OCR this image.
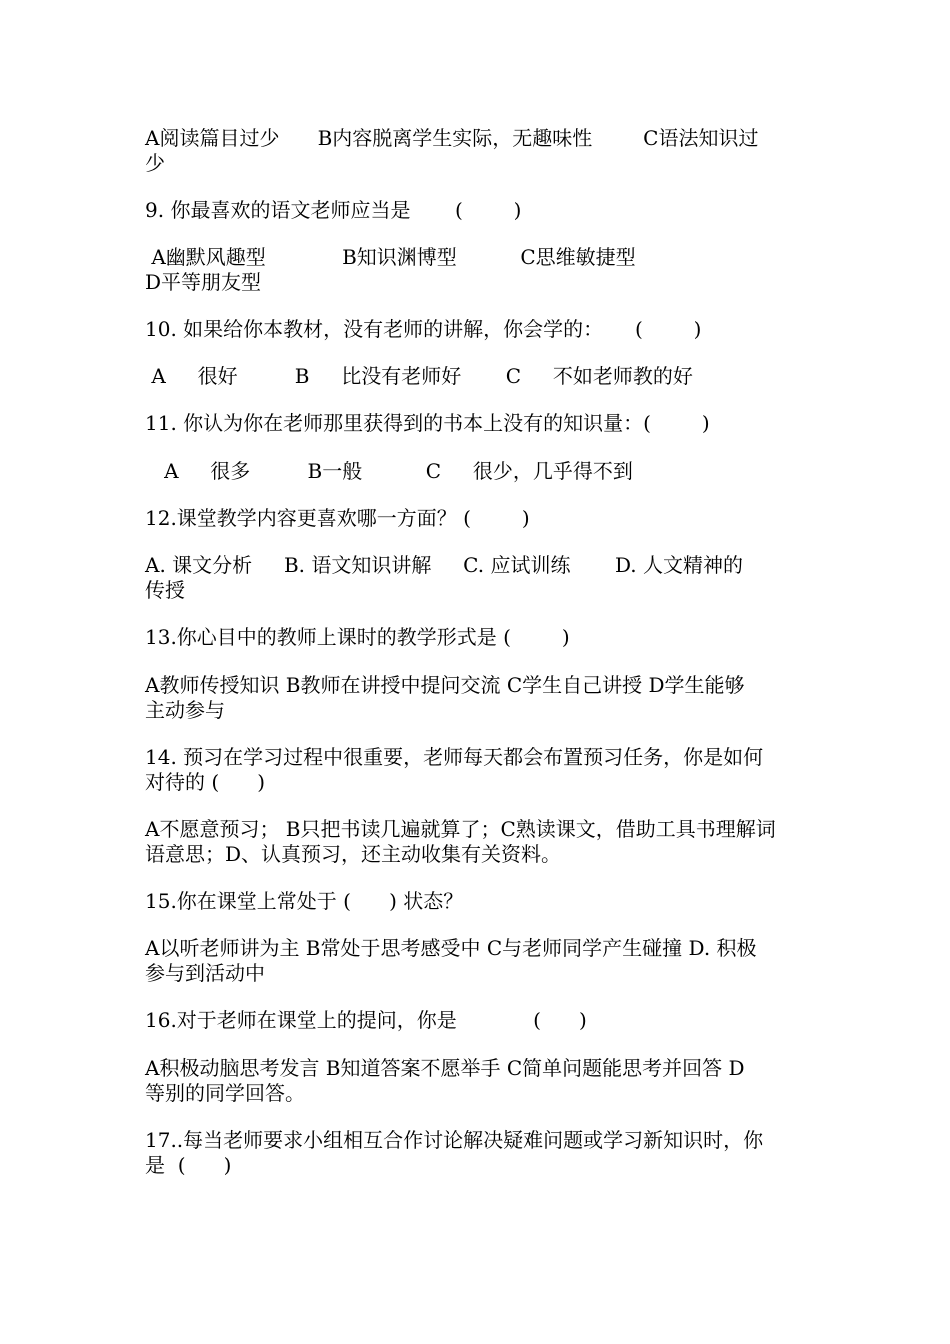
A阅读篇目过少      B内容脱离学生实际，无趣味性        C语法知识过
少
9. 你最喜欢的语文老师应当是       (        )
A幽默风趣型            B知识渊博型          C思维敏捷型
D平等朋友型
10. 如果给你本教材，没有老师的讲解，你会学的：     (        )
A     很好         B     比没有老师好       C     不如老师教的好
11. 你认为你在老师那里获得到的书本上没有的知识量：(        )
A     很多         B一般          C     很少，几乎得不到
12.课堂教学内容更喜欢哪一方面？ (        )
A. 课文分析     B. 语文知识讲解     C. 应试训练       D. 人文精神的
传授
13.你心目中的教师上课时的教学形式是 (        )
A教师传授知识 B教师在讲授中提问交流 C学生自己讲授 D学生能够
主动参与
14. 预习在学习过程中很重要，老师每天都会布置预习任务，你是如何
对待的 (      )
A不愿意预习； B只把书读几遍就算了；C熟读课文，借助工具书理解词
语意思；D、认真预习，还主动收集有关资料。
15.你在课堂上常处于 (      ) 状态？
A以听老师讲为主 B常处于思考感受中 C与老师同学产生碰撞 D. 积极
参与到活动中
16.对于老师在课堂上的提问，你是            (      )
A积极动脑思考发言 B知道答案不愿举手 C简单问题能思考并回答 D
等别的同学回答。
17..每当老师要求小组相互合作讨论解决疑难问题或学习新知识时，你
是  (      )
